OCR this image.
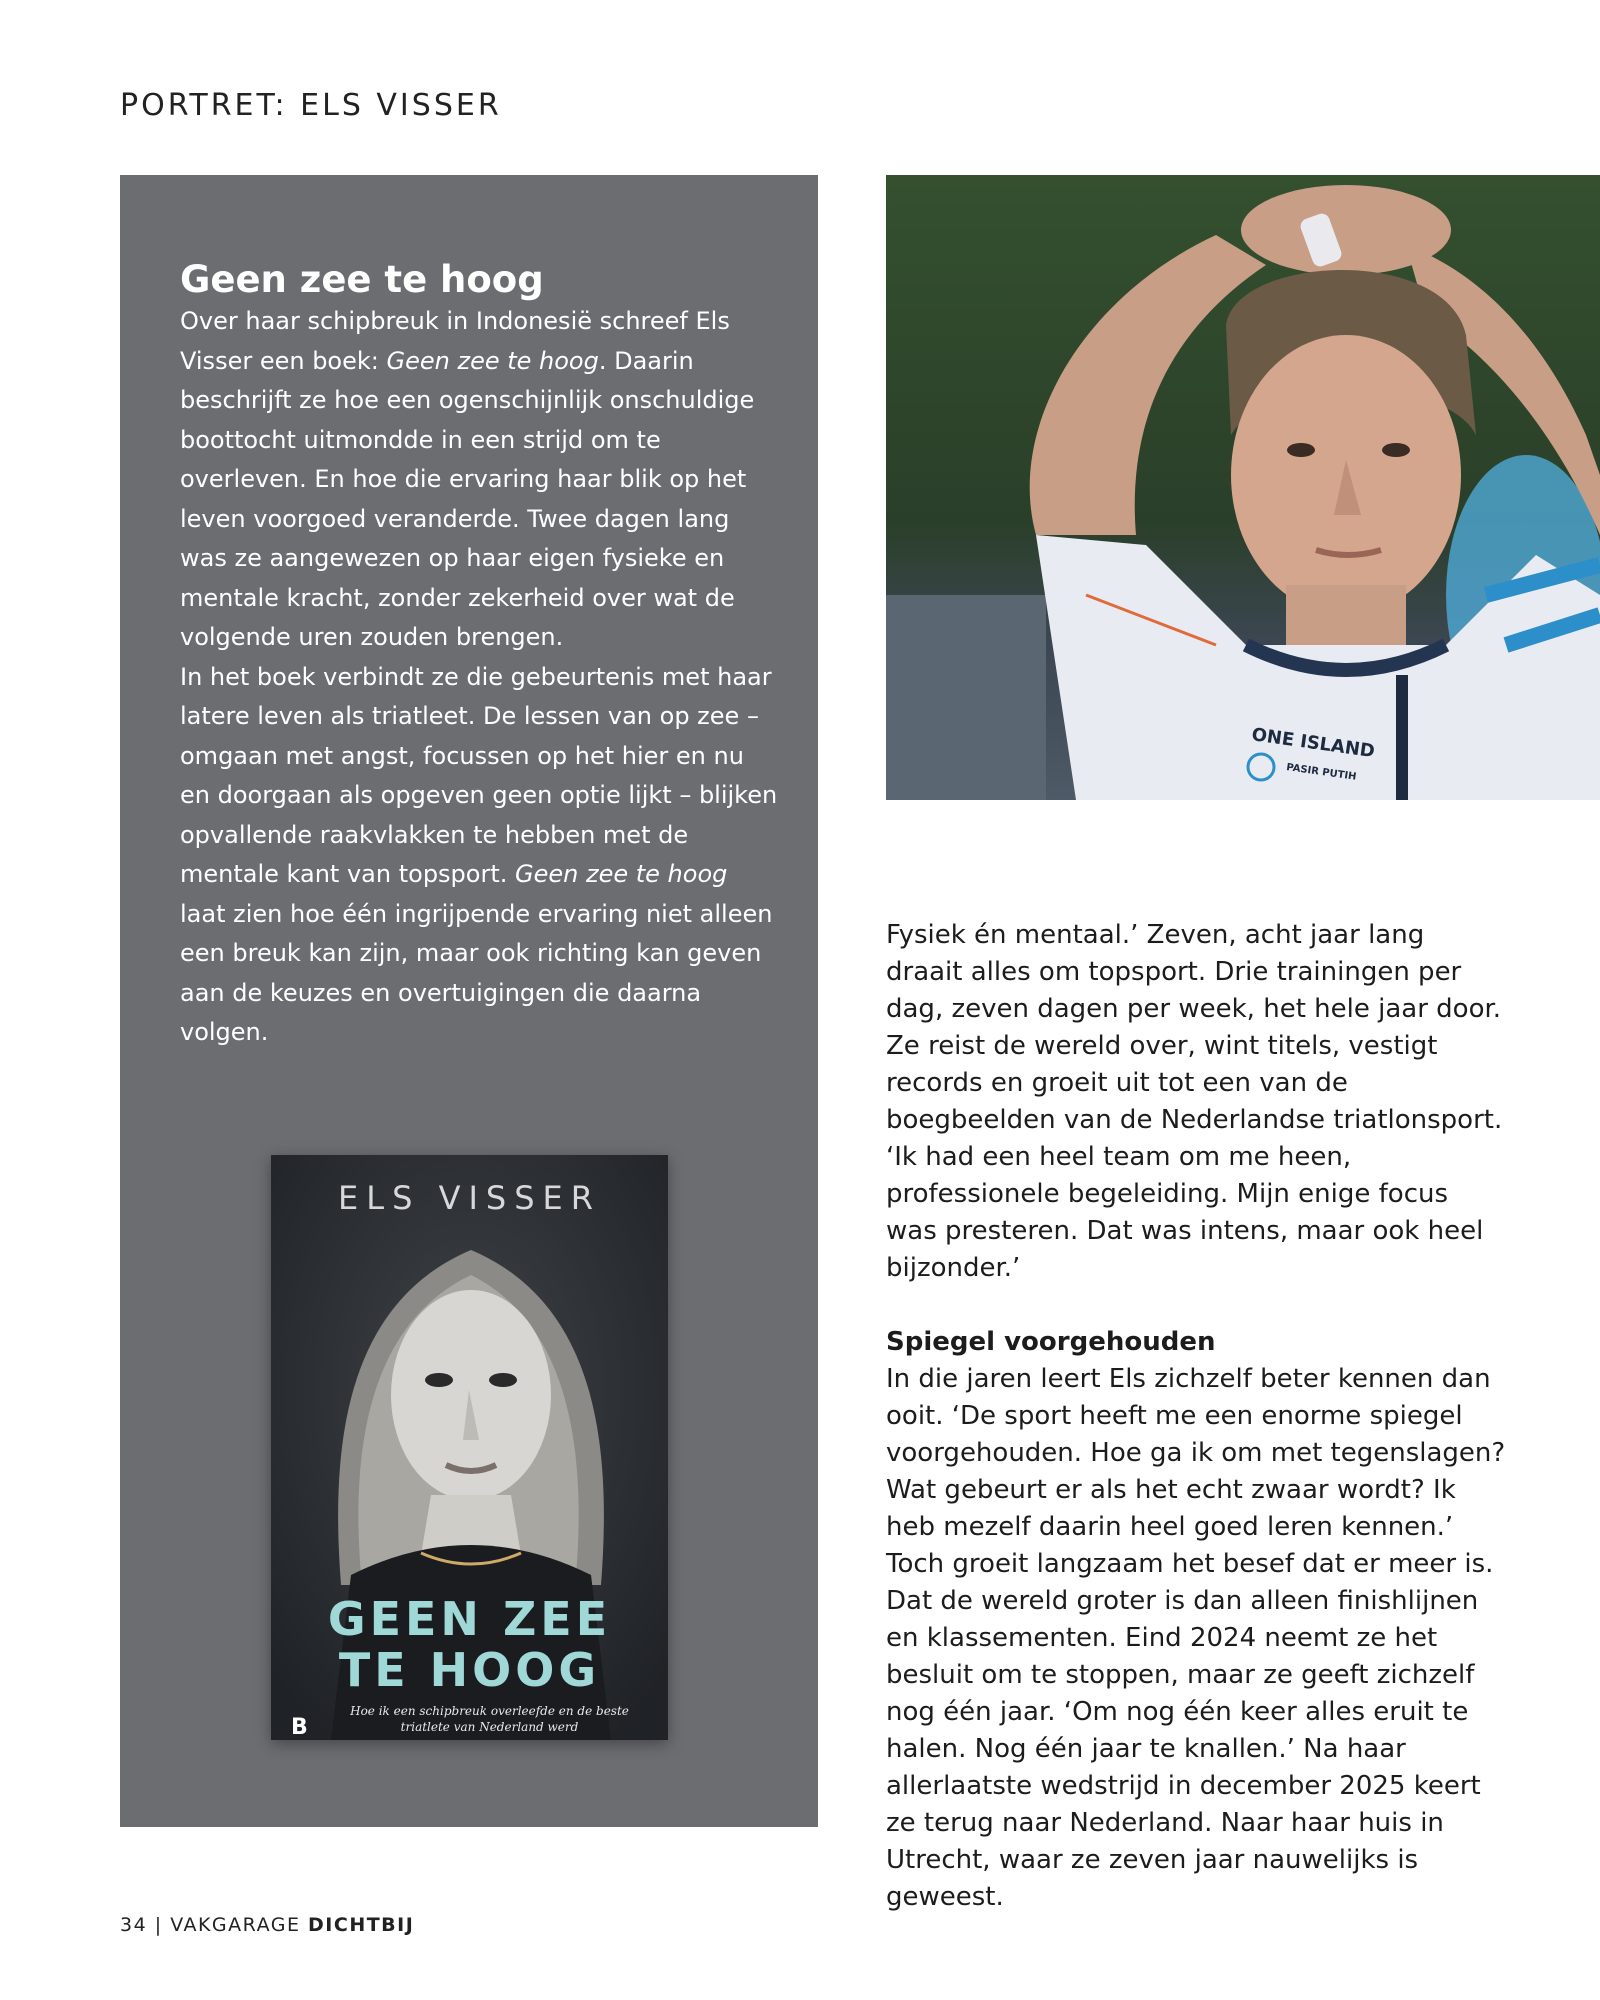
PORTRET: ELS VISSER
Geen zee te hoog

Over haar schipbreuk in Indonesië schreef Els Visser een boek: Geen zee te hoog. Daarin beschrijft ze hoe een ogenschijnlijk onschuldige boottocht uitmondde in een strijd om te overleven. En hoe die ervaring haar blik op het leven voorgoed veranderde. Twee dagen lang was ze aangewezen op haar eigen fysieke en mentale kracht, zonder zekerheid over wat de volgende uren zouden brengen.

In het boek verbindt ze die gebeurtenis met haar latere leven als triatleet. De lessen van op zee – omgaan met angst, focussen op het hier en nu en doorgaan als opgeven geen optie lijkt – blijken opvallende raakvlakken te hebben met de mentale kant van topsport. Geen zee te hoog laat zien hoe één ingrijpende ervaring niet alleen een breuk kan zijn, maar ook richting kan geven aan de keuzes en overtuigingen die daarna volgen.

ELS VISSER
GEEN ZEE
TE HOOG
Hoe ik een schipbreuk overleefde en de beste triatlete van Nederland werd
B
ONE ISLAND
PASIR PUTIH

Fysiek én mentaal.’ Zeven, acht jaar lang draait alles om topsport. Drie trainingen per dag, zeven dagen per week, het hele jaar door. Ze reist de wereld over, wint titels, vestigt records en groeit uit tot een van de boegbeelden van de Nederlandse triatlonsport. ‘Ik had een heel team om me heen, professionele begeleiding. Mijn enige focus was presteren. Dat was intens, maar ook heel bijzonder.’

Spiegel voorgehouden

In die jaren leert Els zichzelf beter kennen dan ooit. ‘De sport heeft me een enorme spiegel voorgehouden. Hoe ga ik om met tegenslagen? Wat gebeurt er als het echt zwaar wordt? Ik heb mezelf daarin heel goed leren kennen.’ Toch groeit langzaam het besef dat er meer is. Dat de wereld groter is dan alleen finishlijnen en klassementen. Eind 2024 neemt ze het besluit om te stoppen, maar ze geeft zichzelf nog één jaar. ‘Om nog één keer alles eruit te halen. Nog één jaar te knallen.’ Na haar allerlaatste wedstrijd in december 2025 keert ze terug naar Nederland. Naar haar huis in Utrecht, waar ze zeven jaar nauwelijks is geweest.

34 | VAKGARAGE DICHTBIJ
